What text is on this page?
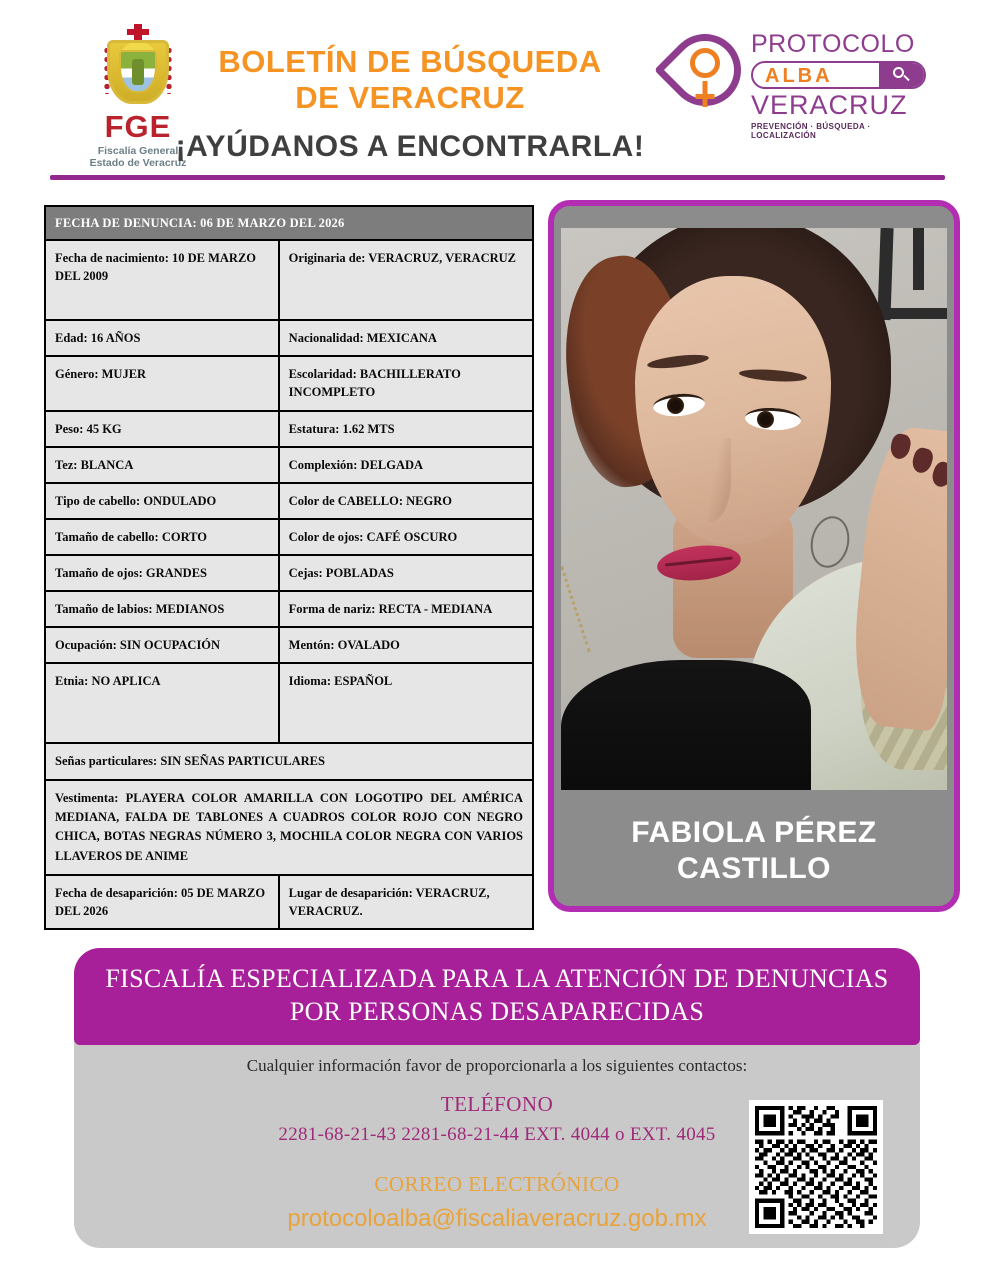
FGE
Fiscalía General
Estado de Veracruz
BOLETÍN DE BÚSQUEDA
DE VERACRUZ
¡AYÚDANOS A ENCONTRARLA!
PROTOCOLO
ALBA
VERACRUZ
PREVENCIÓN · BÚSQUEDA · LOCALIZACIÓN
FECHA DE DENUNCIA: 06 DE MARZO DEL 2026	
Fecha de nacimiento: 10 DE MARZO DEL 2009	Originaria de: VERACRUZ, VERACRUZ
Edad: 16 AÑOS	Nacionalidad: MEXICANA
Género: MUJER	Escolaridad: BACHILLERATO INCOMPLETO
Peso: 45 KG	Estatura: 1.62 MTS
Tez: BLANCA	Complexión: DELGADA
Tipo de cabello: ONDULADO	Color de CABELLO: NEGRO
Tamaño de cabello: CORTO	Color de ojos: CAFÉ OSCURO
Tamaño de ojos: GRANDES	Cejas: POBLADAS
Tamaño de labios: MEDIANOS	Forma de nariz: RECTA - MEDIANA
Ocupación: SIN OCUPACIÓN	Mentón: OVALADO
Etnia: NO APLICA	Idioma: ESPAÑOL
Señas particulares: SIN SEÑAS PARTICULARES	
Vestimenta: PLAYERA COLOR AMARILLA CON LOGOTIPO DEL AMÉRICA MEDIANA, FALDA DE TABLONES A CUADROS COLOR ROJO CON NEGRO CHICA, BOTAS NEGRAS NÚMERO 3, MOCHILA COLOR NEGRA CON VARIOS LLAVEROS DE ANIME	
Fecha de desaparición: 05 DE MARZO DEL 2026	Lugar de desaparición: VERACRUZ, VERACRUZ.
FABIOLA PÉREZ
CASTILLO
FISCALÍA ESPECIALIZADA PARA LA ATENCIÓN DE DENUNCIAS POR PERSONAS DESAPARECIDAS
Cualquier información favor de proporcionarla a los siguientes contactos:
TELÉFONO
2281-68-21-43 2281-68-21-44 EXT. 4044 o EXT. 4045
CORREO ELECTRÓNICO
protocoloalba@fiscaliaveracruz.gob.mx
